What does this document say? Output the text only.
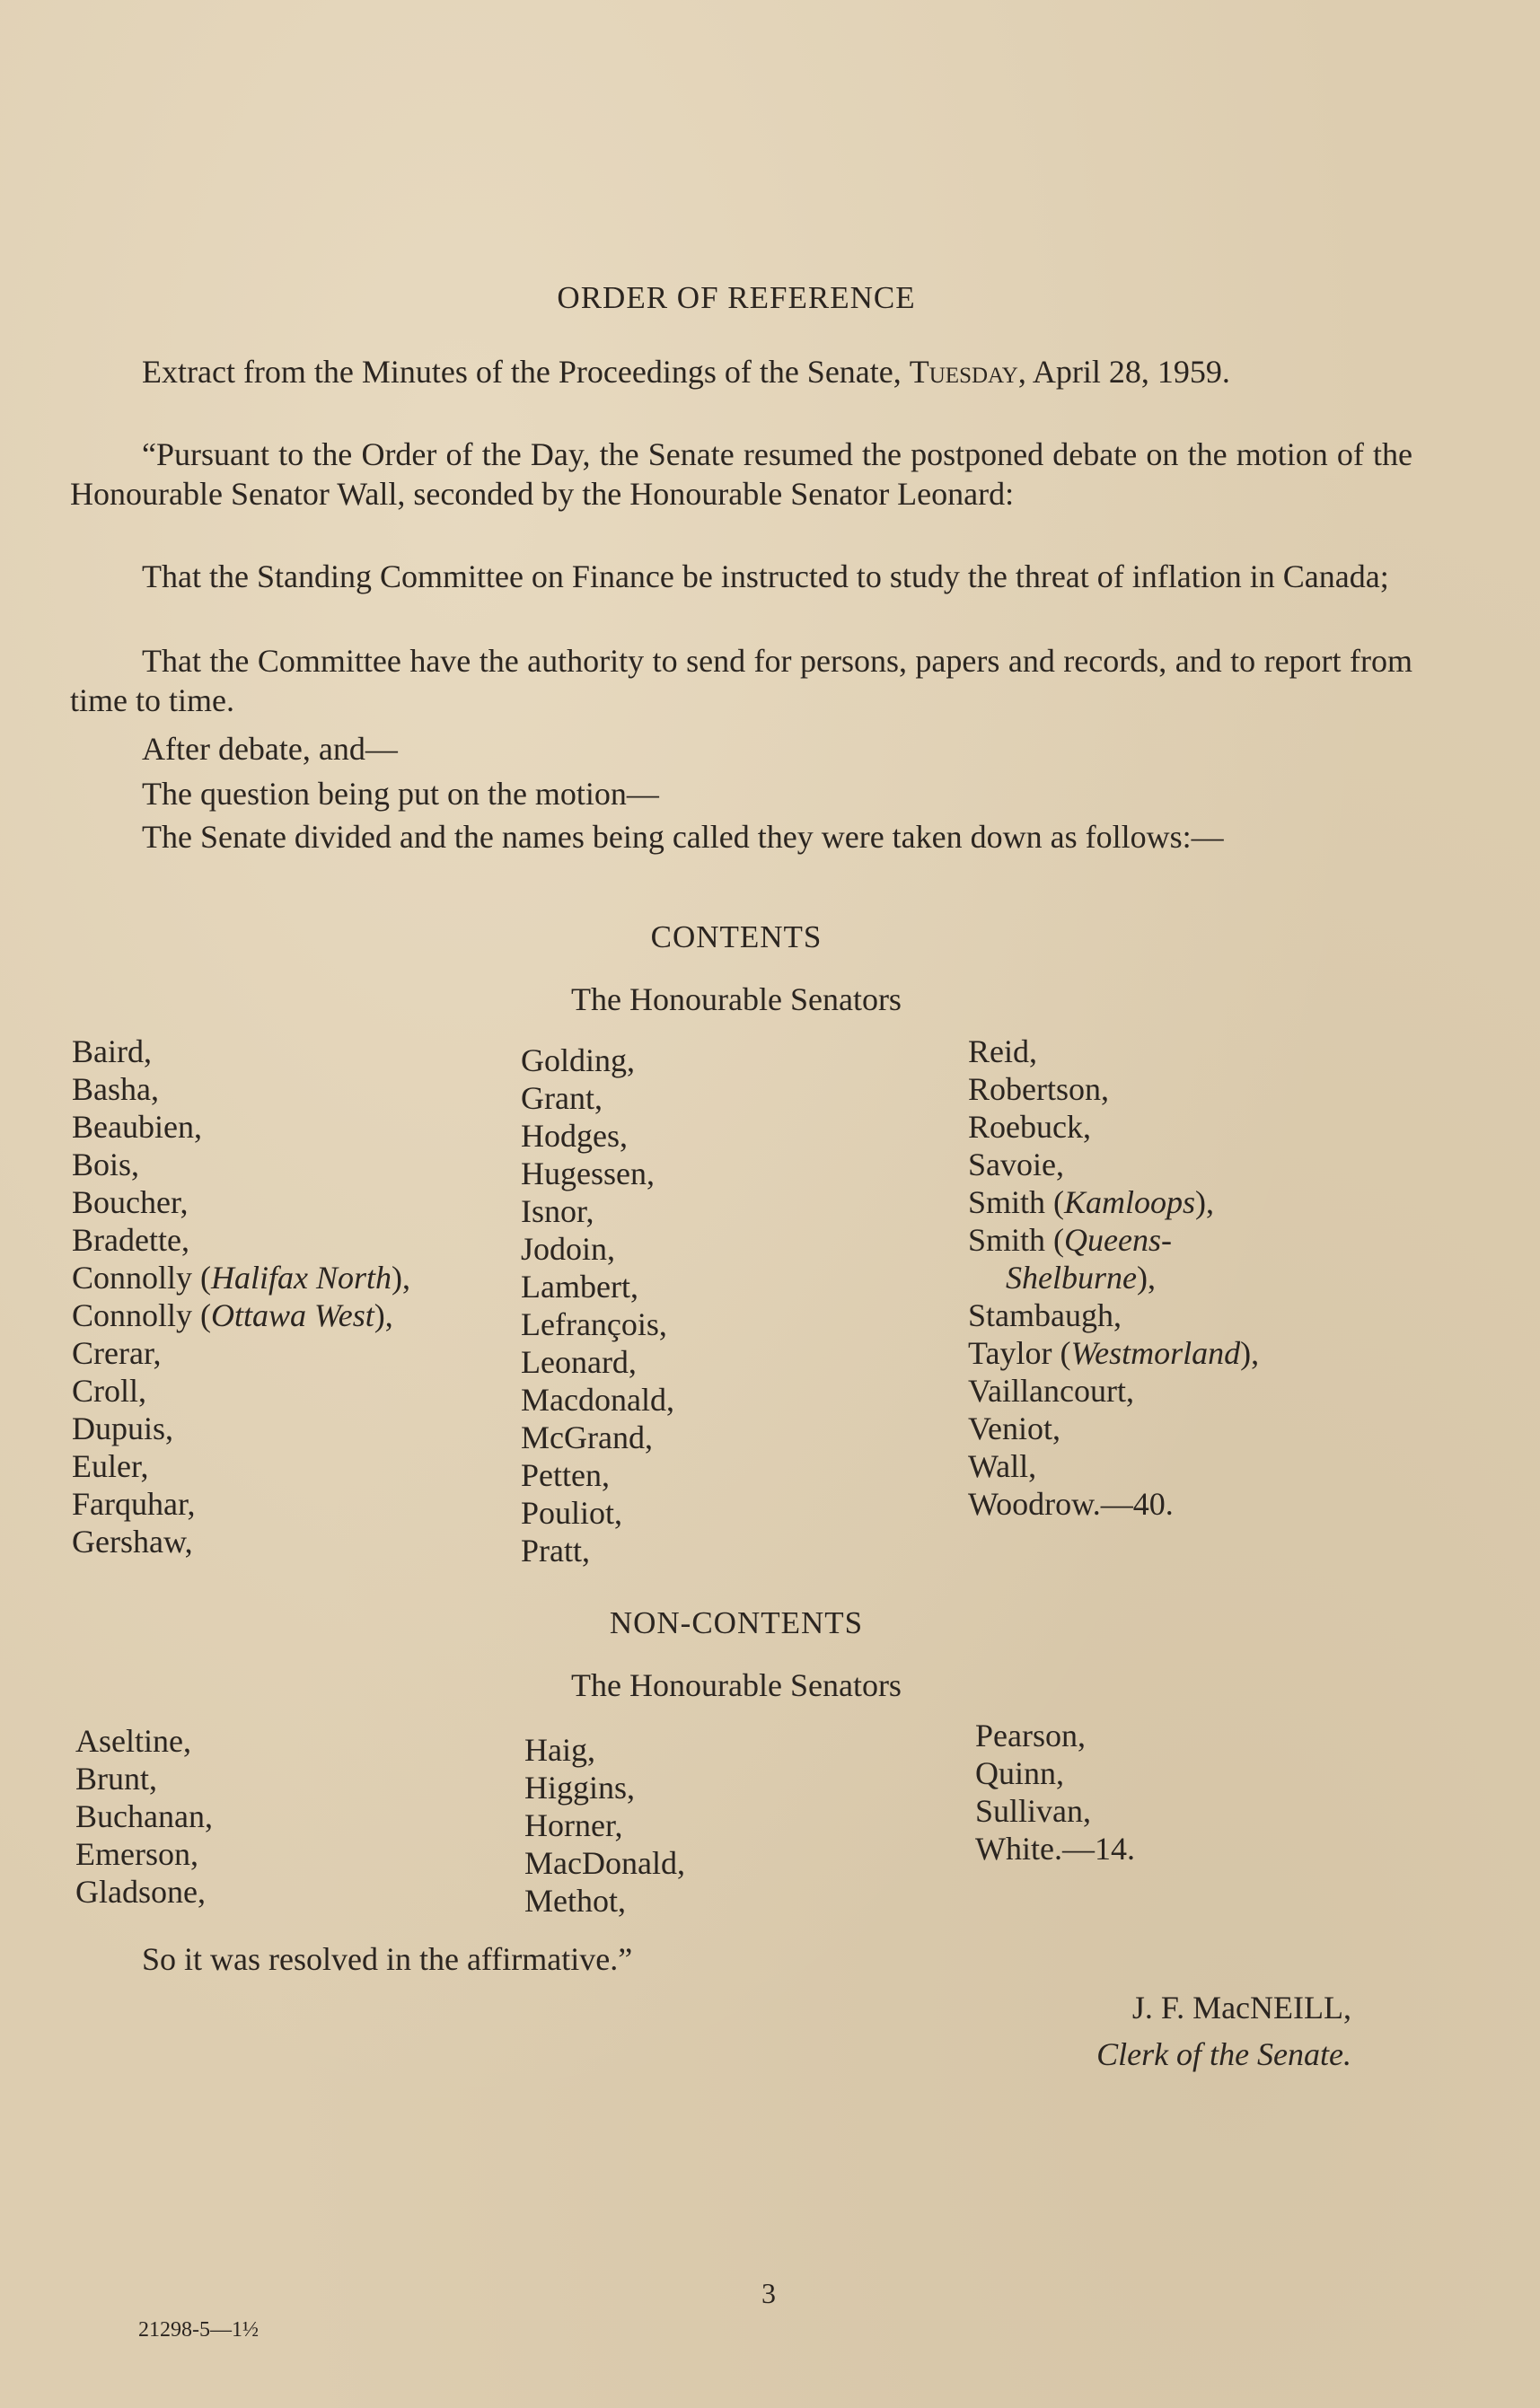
ORDER OF REFERENCE

Extract from the Minutes of the Proceedings of the Senate, Tuesday, April 28, 1959.

“Pursuant to the Order of the Day, the Senate resumed the postponed debate on the motion of the Honourable Senator Wall, seconded by the Honourable Senator Leonard:

That the Standing Committee on Finance be instructed to study the threat of inflation in Canada;

That the Committee have the authority to send for persons, papers and records, and to report from time to time.

After debate, and—

The question being put on the motion—

The Senate divided and the names being called they were taken down as follows:—

CONTENTS
The Honourable Senators
Baird,
Basha,
Beaubien,
Bois,
Boucher,
Bradette,
Connolly (Halifax North),
Connolly (Ottawa West),
Crerar,
Croll,
Dupuis,
Euler,
Farquhar,
Gershaw,
Golding,
Grant,
Hodges,
Hugessen,
Isnor,
Jodoin,
Lambert,
Lefrançois,
Leonard,
Macdonald,
McGrand,
Petten,
Pouliot,
Pratt,
Reid,
Robertson,
Roebuck,
Savoie,
Smith (Kamloops),
Smith (Queens-
Shelburne),
Stambaugh,
Taylor (Westmorland),
Vaillancourt,
Veniot,
Wall,
Woodrow.—40.
NON-CONTENTS
The Honourable Senators
Aseltine,
Brunt,
Buchanan,
Emerson,
Gladsone,
Haig,
Higgins,
Horner,
MacDonald,
Methot,
Pearson,
Quinn,
Sullivan,
White.—14.

So it was resolved in the affirmative.”

J. F. MacNEILL,
Clerk of the Senate.
3
21298-5—1½
